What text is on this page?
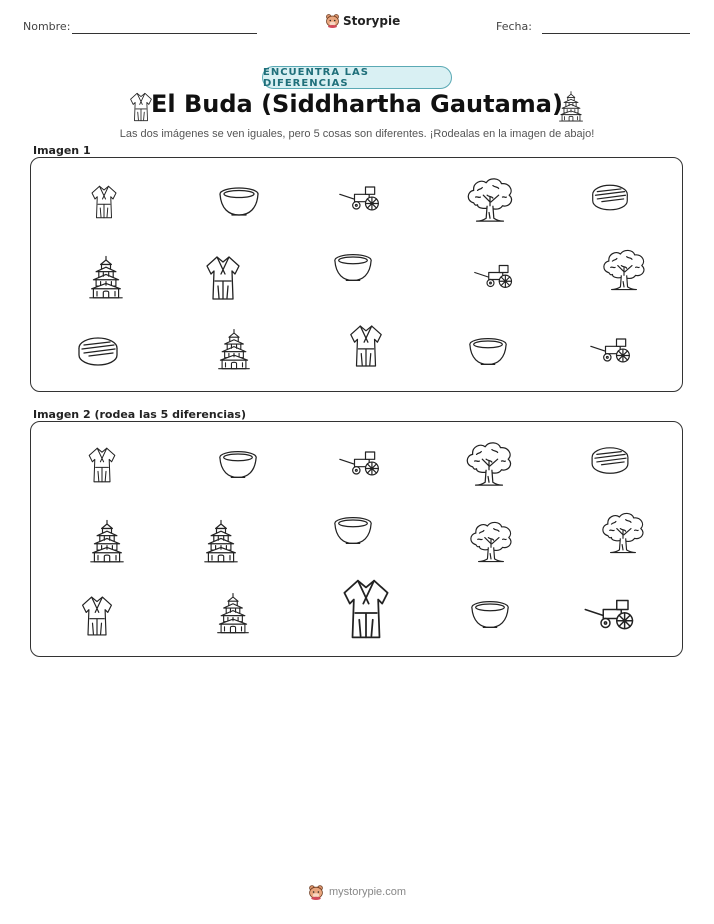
Nombre:	Storypie	Fecha:
ENCUENTRA LAS DIFERENCIAS
El Buda (Siddhartha Gautama)
Las dos imágenes se ven iguales, pero 5 cosas son diferentes. ¡Rodealas en la imagen de abajo!
Imagen 1
Imagen 2 (rodea las 5 diferencias)
mystorypie.com
